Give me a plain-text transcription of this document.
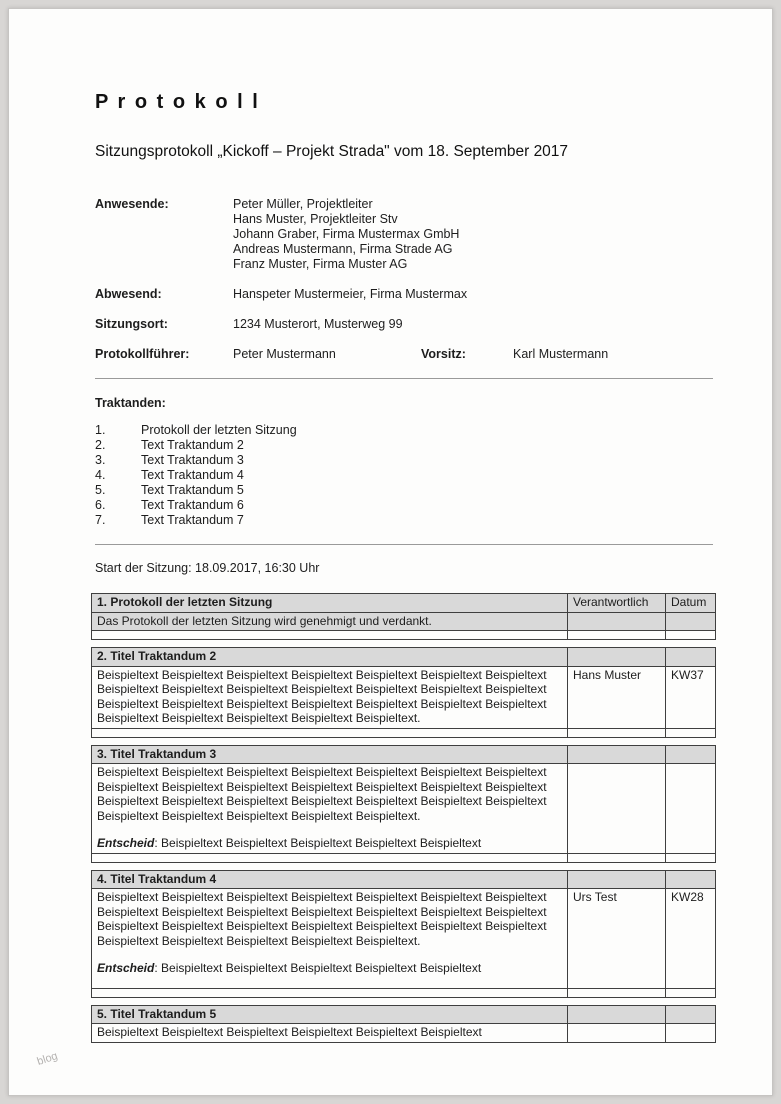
blog
P r o t o k o l l
Sitzungsprotokoll „Kickoff – Projekt Strada" vom 18. September 2017
Anwesende:	Peter Müller, Projektleiter
Hans Muster, Projektleiter Stv
Johann Graber, Firma Mustermax GmbH
Andreas Mustermann, Firma Strade AG
Franz Muster, Firma Muster AG
Abwesend:	Hanspeter Mustermeier, Firma Mustermax
Sitzungsort:	1234 Musterort, Musterweg 99
Protokollführer:	Peter Mustermann	Vorsitz:	Karl Mustermann
Traktanden:
1.	Protokoll der letzten Sitzung
2.	Text Traktandum 2
3.	Text Traktandum 3
4.	Text Traktandum 4
5.	Text Traktandum 5
6.	Text Traktandum 6
7.	Text Traktandum 7
Start der Sitzung: 18.09.2017, 16:30 Uhr
1. Protokoll der letzten Sitzung	Verantwortlich	Datum
Das Protokoll der letzten Sitzung wird genehmigt und verdankt.		

2. Titel Traktandum 2		
Beispieltext Beispieltext Beispieltext Beispieltext Beispieltext Beispieltext Beispieltext Beispieltext Beispieltext Beispieltext Beispieltext Beispieltext Beispieltext Beispieltext Beispieltext Beispieltext Beispieltext Beispieltext Beispieltext Beispieltext Beispieltext Beispieltext Beispieltext Beispieltext Beispieltext Beispieltext.	Hans Muster	KW37

3. Titel Traktandum 3		

Beispieltext Beispieltext Beispieltext Beispieltext Beispieltext Beispieltext Beispieltext Beispieltext Beispieltext Beispieltext Beispieltext Beispieltext Beispieltext Beispieltext Beispieltext Beispieltext Beispieltext Beispieltext Beispieltext Beispieltext Beispieltext Beispieltext Beispieltext Beispieltext Beispieltext Beispieltext.
Entscheid: Beispieltext Beispieltext Beispieltext Beispieltext Beispieltext		

4. Titel Traktandum 4		

Beispieltext Beispieltext Beispieltext Beispieltext Beispieltext Beispieltext Beispieltext Beispieltext Beispieltext Beispieltext Beispieltext Beispieltext Beispieltext Beispieltext Beispieltext Beispieltext Beispieltext Beispieltext Beispieltext Beispieltext Beispieltext Beispieltext Beispieltext Beispieltext Beispieltext Beispieltext.
Entscheid: Beispieltext Beispieltext Beispieltext Beispieltext Beispieltext	Urs Test	KW28

5. Titel Traktandum 5		
Beispieltext Beispieltext Beispieltext Beispieltext Beispieltext Beispieltext		
